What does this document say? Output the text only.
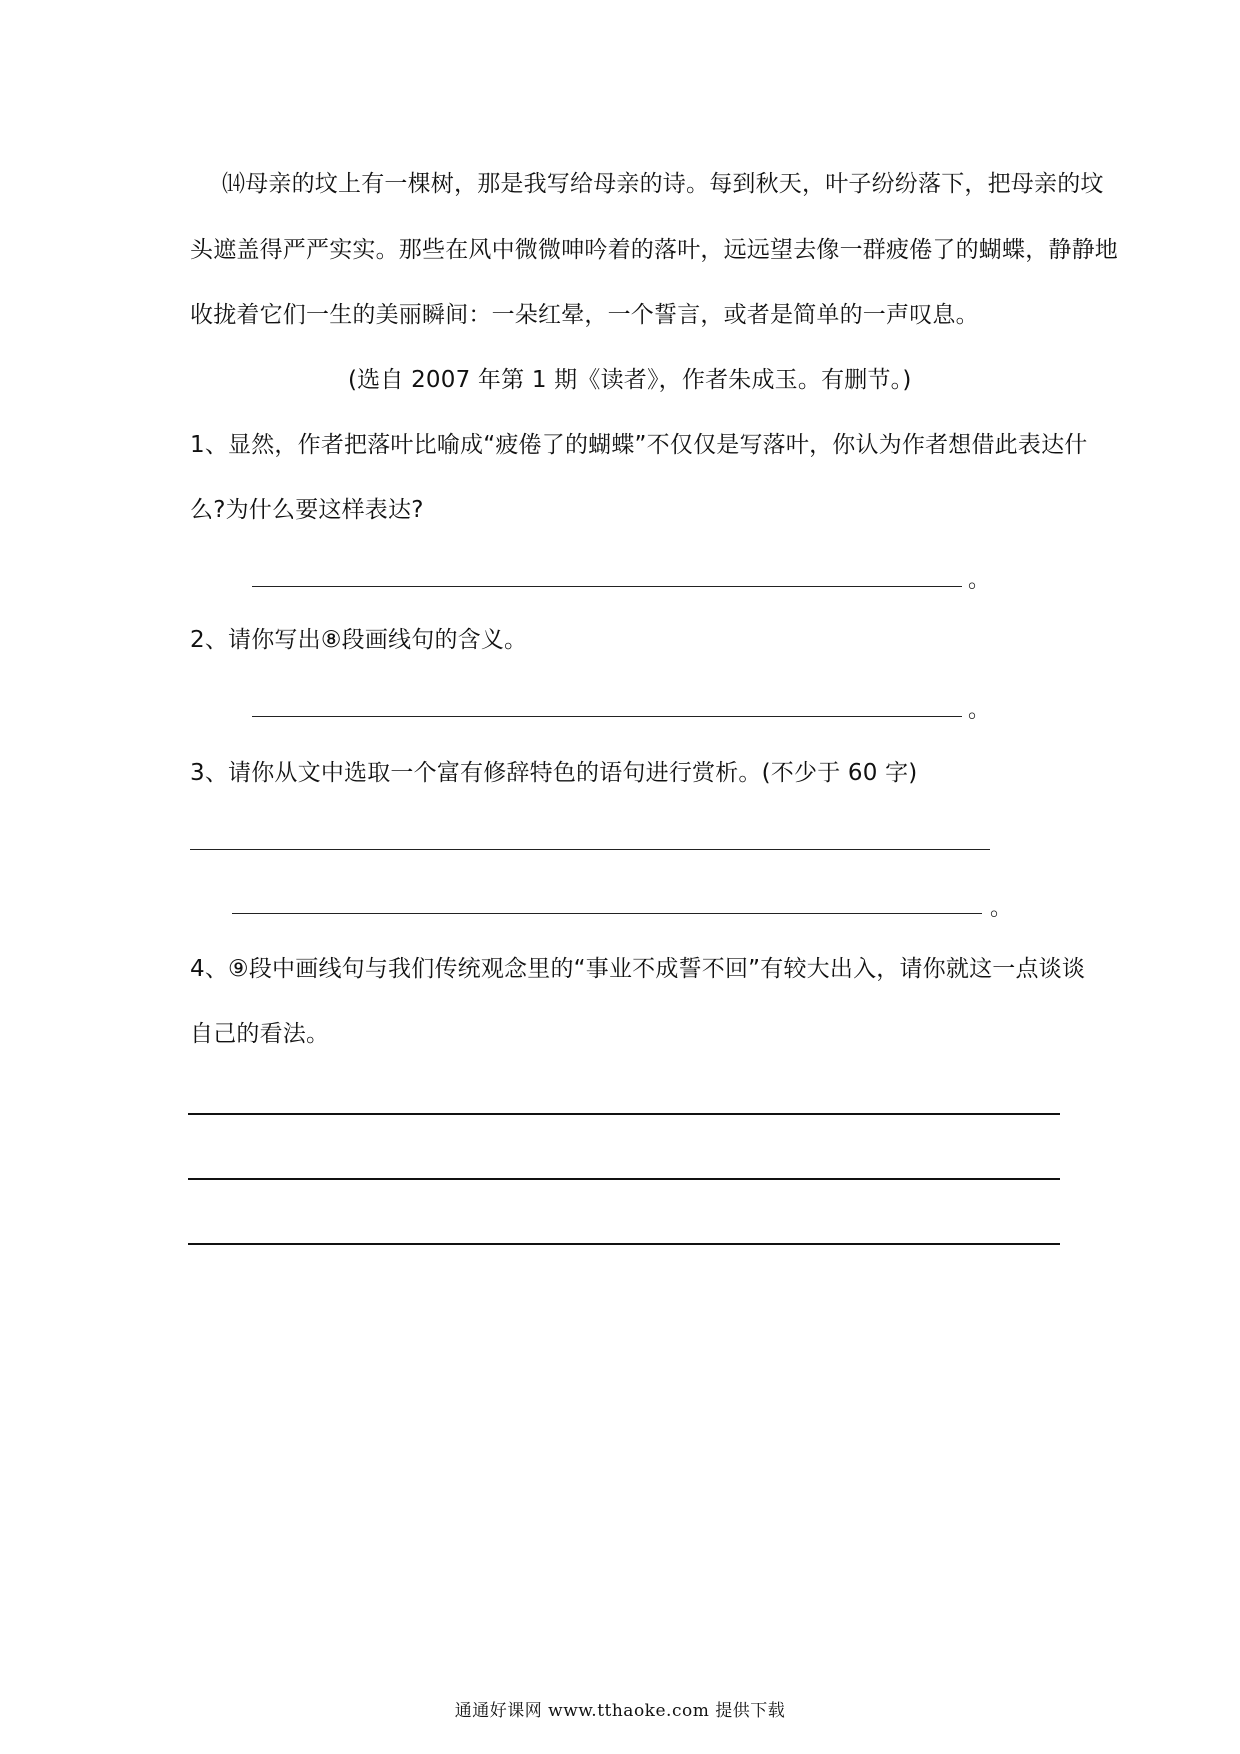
⒁母亲的坟上有一棵树，那是我写给母亲的诗。每到秋天，叶子纷纷落下，把母亲的坟
头遮盖得严严实实。那些在风中微微呻吟着的落叶，远远望去像一群疲倦了的蝴蝶，静静地
收拢着它们一生的美丽瞬间：一朵红晕，一个誓言，或者是简单的一声叹息。
(选自 2007 年第 1 期《读者》，作者朱成玉。有删节。)
1、显然，作者把落叶比喻成“疲倦了的蝴蝶”不仅仅是写落叶，你认为作者想借此表达什
么?为什么要这样表达?
。
2、请你写出⑧段画线句的含义。
。
3、请你从文中选取一个富有修辞特色的语句进行赏析。(不少于 60 字)
。
4、⑨段中画线句与我们传统观念里的“事业不成誓不回”有较大出入，请你就这一点谈谈
自己的看法。
通通好课网 www.tthaoke.com 提供下载
